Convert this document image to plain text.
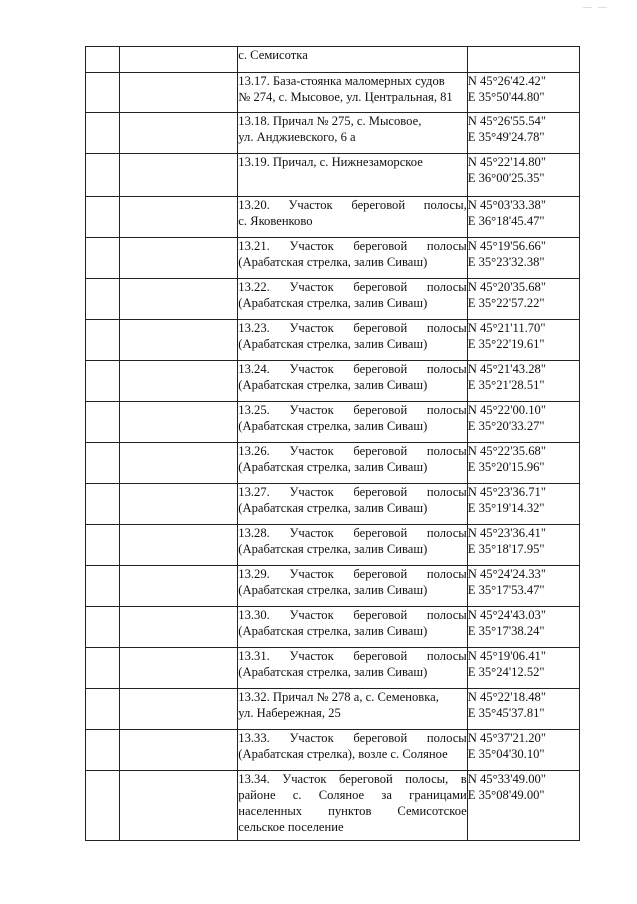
— —

		с. Семисотка	

		13.17. База-стоянка маломерных судов
№ 274, с. Мысовое, ул. Центральная, 81	N 45°26'42.42"
E 35°50'44.80"

		13.18. Причал № 275, с. Мысовое,
ул. Анджиевского, 6 а	N 45°26'55.54"
E 35°49'24.78"

		13.19. Причал, с. Нижнезаморское	N 45°22'14.80"
E 36°00'25.35"

		13.20. Участок береговой полосы,
с. Яковенково	N 45°03'33.38"
E 36°18'45.47"

		13.21. Участок береговой полосы
(Арабатская стрелка, залив Сиваш)	N 45°19'56.66"
E 35°23'32.38"

		13.22. Участок береговой полосы
(Арабатская стрелка, залив Сиваш)	N 45°20'35.68"
E 35°22'57.22"

		13.23. Участок береговой полосы
(Арабатская стрелка, залив Сиваш)	N 45°21'11.70"
E 35°22'19.61"

		13.24. Участок береговой полосы
(Арабатская стрелка, залив Сиваш)	N 45°21'43.28"
E 35°21'28.51"

		13.25. Участок береговой полосы
(Арабатская стрелка, залив Сиваш)	N 45°22'00.10"
E 35°20'33.27"

		13.26. Участок береговой полосы
(Арабатская стрелка, залив Сиваш)	N 45°22'35.68"
E 35°20'15.96"

		13.27. Участок береговой полосы
(Арабатская стрелка, залив Сиваш)	N 45°23'36.71"
E 35°19'14.32"

		13.28. Участок береговой полосы
(Арабатская стрелка, залив Сиваш)	N 45°23'36.41"
E 35°18'17.95"

		13.29. Участок береговой полосы
(Арабатская стрелка, залив Сиваш)	N 45°24'24.33"
E 35°17'53.47"

		13.30. Участок береговой полосы
(Арабатская стрелка, залив Сиваш)	N 45°24'43.03"
E 35°17'38.24"

		13.31. Участок береговой полосы
(Арабатская стрелка, залив Сиваш)	N 45°19'06.41"
E 35°24'12.52"

		13.32. Причал № 278 а, с. Семеновка,
ул. Набережная, 25	N 45°22'18.48"
E 35°45'37.81"

		13.33. Участок береговой полосы
(Арабатская стрелка), возле с. Соляное	N 45°37'21.20"
E 35°04'30.10"

		13.34. Участок береговой полосы, в
районе с. Соляное за границами
населенных пунктов Семисотское
сельское поселение	N 45°33'49.00"
E 35°08'49.00"
